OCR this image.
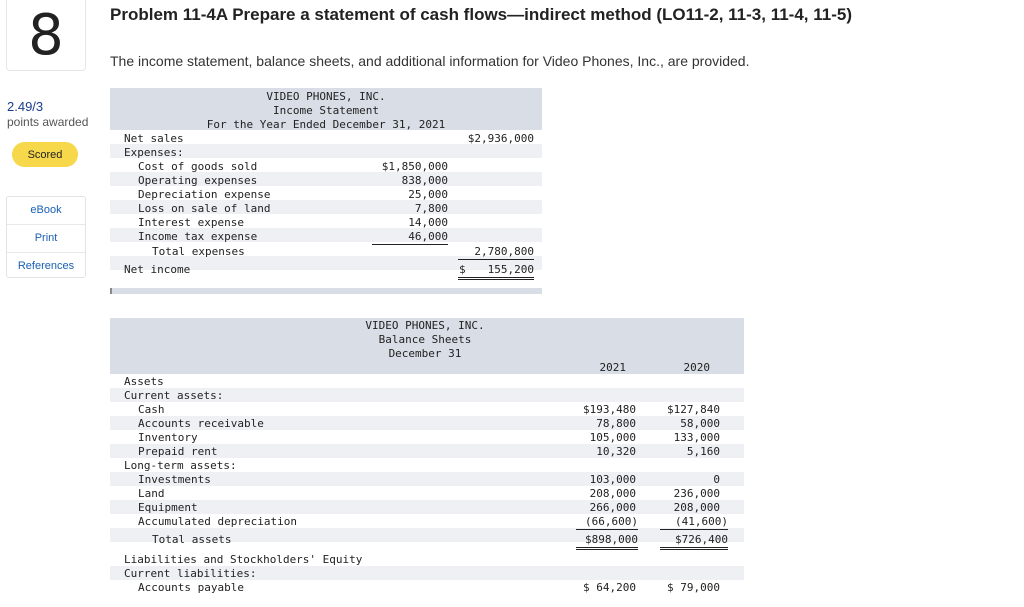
8
2.49/3
points awarded
Scored
eBook
Print
References
Problem 11-4A Prepare a statement of cash flows—indirect method (LO11-2, 11-3, 11-4, 11-5)
The income statement, balance sheets, and additional information for Video Phones, Inc., are provided.
VIDEO PHONES, INC.
Income Statement
For the Year Ended December 31, 2021
Net sales	$2,936,000
Expenses:
Cost of goods sold	$1,850,000
Operating expenses	838,000
Depreciation expense	25,000
Loss on sale of land	7,800
Interest expense	14,000
Income tax expense	46,000
Total expenses	2,780,800
Net income	$	155,200
VIDEO PHONES, INC.
Balance Sheets
December 31
2021	2020
Assets
Current assets:
Cash	$193,480	$127,840
Accounts receivable	78,800	58,000
Inventory	105,000	133,000
Prepaid rent	10,320	5,160
Long-term assets:
Investments	103,000	0
Land	208,000	236,000
Equipment	266,000	208,000
Accumulated depreciation	(66,600)	(41,600)
Total assets	$898,000	$726,400
Liabilities and Stockholders' Equity
Current liabilities:
Accounts payable	$ 64,200	$ 79,000
